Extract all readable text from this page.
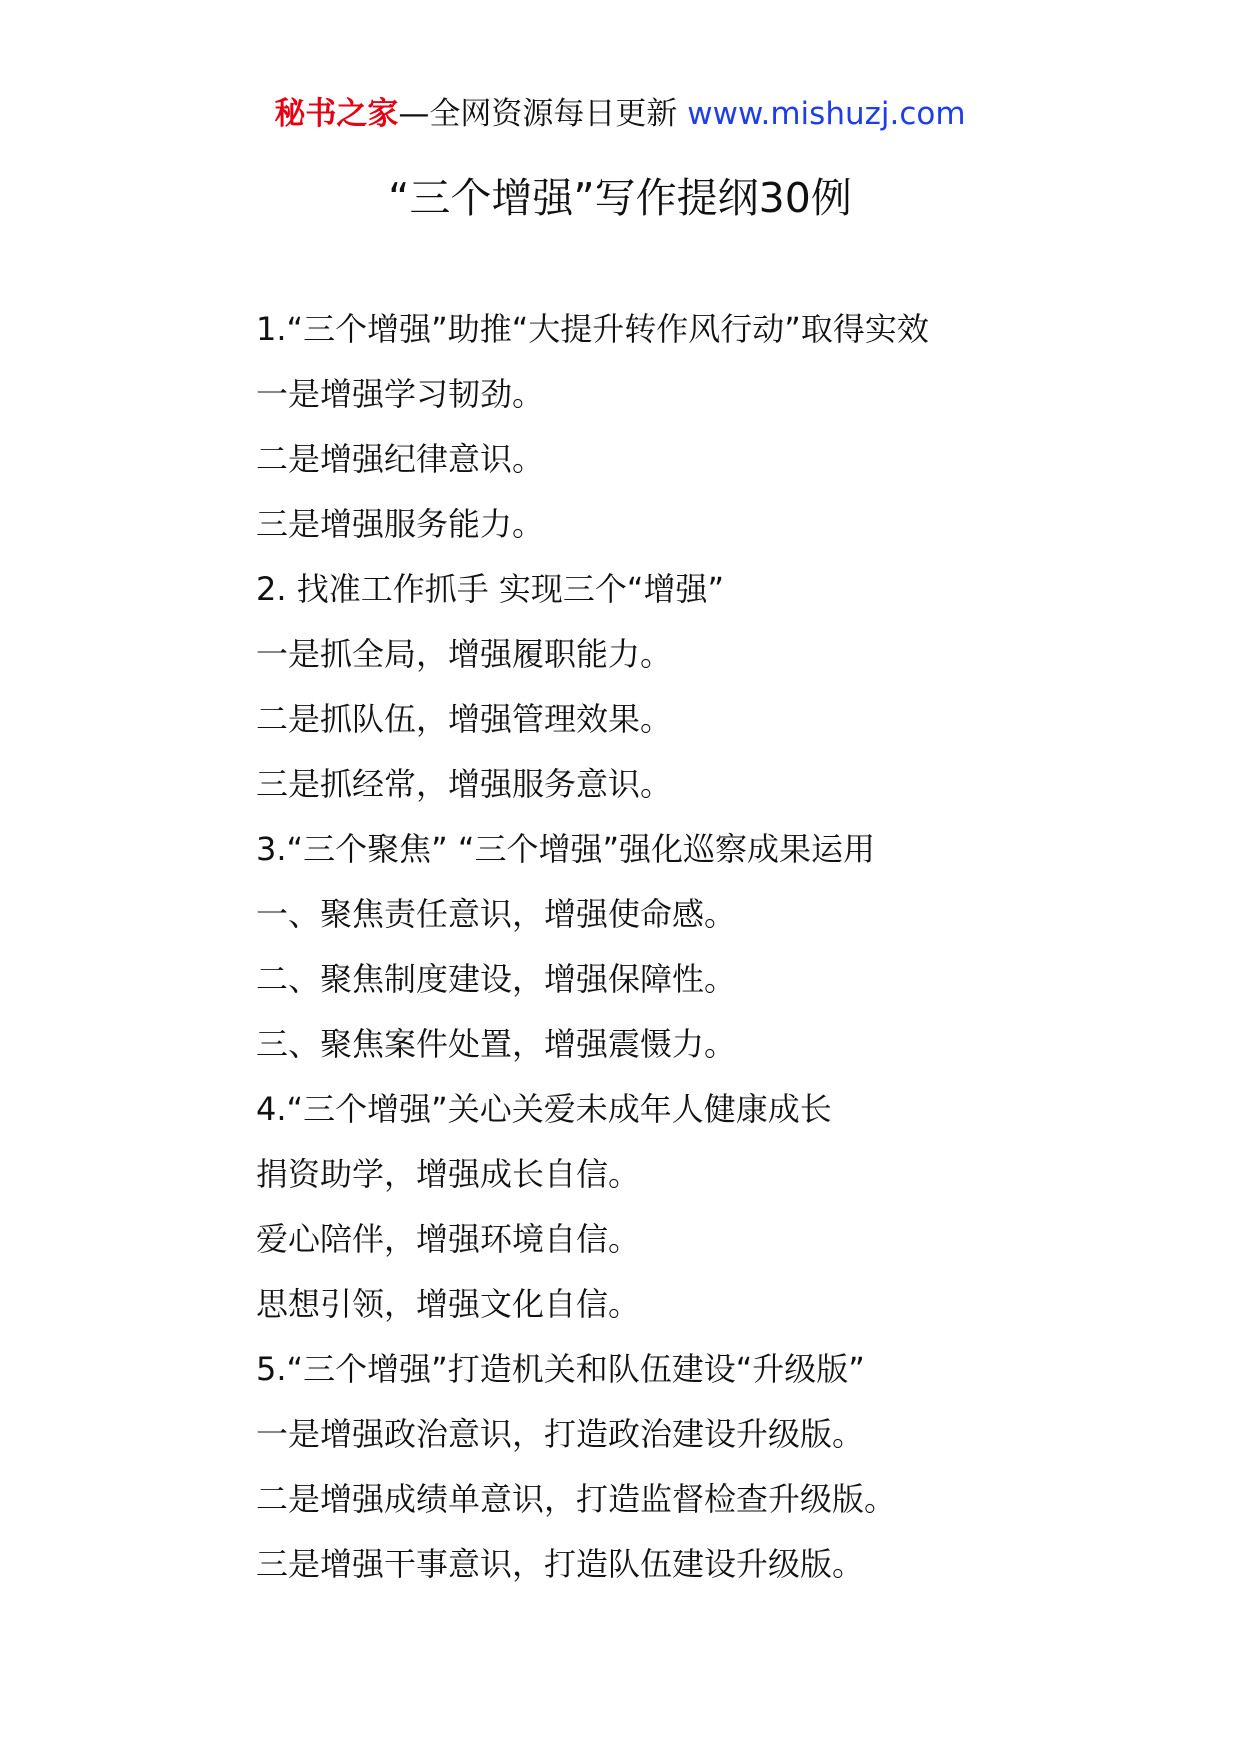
秘书之家—全网资源每日更新 www.mishuzj.com
“三个增强”写作提纲30例
1.“三个增强”助推“大提升转作风行动”取得实效
一是增强学习韧劲。
二是增强纪律意识。
三是增强服务能力。
2. 找准工作抓手 实现三个“增强”
一是抓全局，增强履职能力。
二是抓队伍，增强管理效果。
三是抓经常，增强服务意识。
3.“三个聚焦” “三个增强”强化巡察成果运用
一、聚焦责任意识，增强使命感。
二、聚焦制度建设，增强保障性。
三、聚焦案件处置，增强震慑力。
4.“三个增强”关心关爱未成年人健康成长
捐资助学，增强成长自信。
爱心陪伴，增强环境自信。
思想引领，增强文化自信。
5.“三个增强”打造机关和队伍建设“升级版”
一是增强政治意识，打造政治建设升级版。
二是增强成绩单意识，打造监督检查升级版。
三是增强干事意识，打造队伍建设升级版。
